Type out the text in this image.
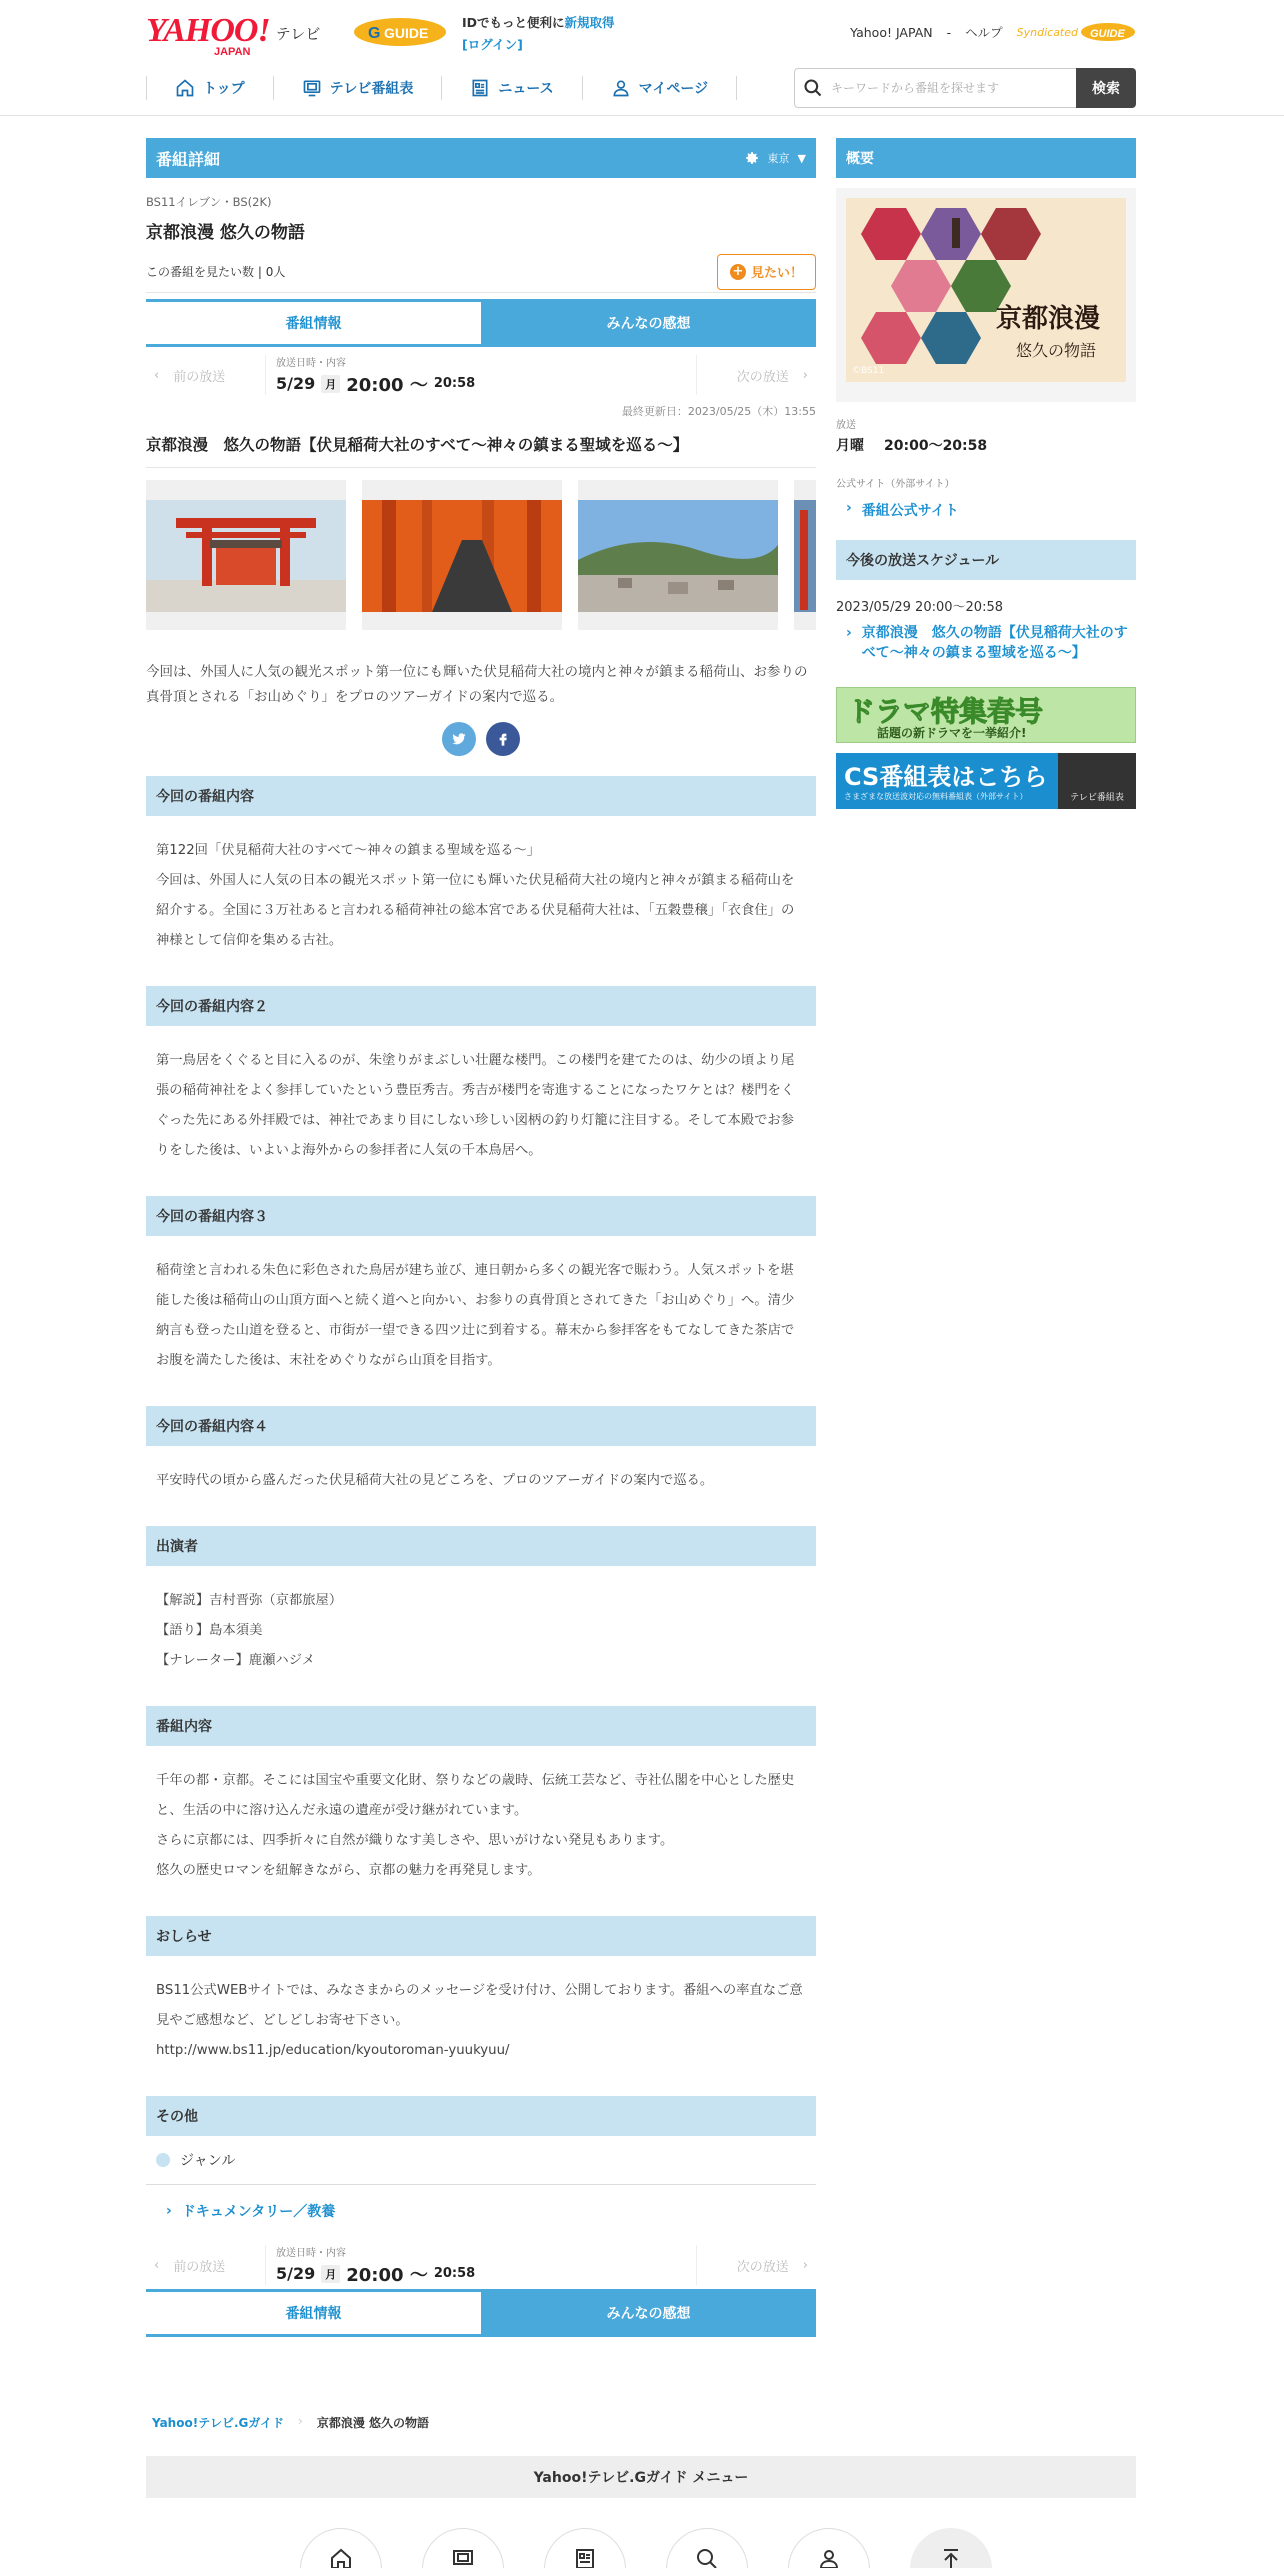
YAHOO!
JAPAN
テレビ	G GUIDE
IDでもっと便利に新規取得
[ログイン]
Yahoo! JAPAN - ヘルプ Syndicated GUIDE
トップ	テレビ番組表	ニュース	マイページ
キーワードから番組を探せます	検索
番組詳細	東京 ▼
BS11イレブン・BS(2K)
京都浪漫 悠久の物語
この番組を見たい数 | 0人	+ 見たい！
番組情報	みんなの感想
‹ 前の放送
放送日時・内容
5/29 月 20:00 〜 20:58	次の放送 ›
最終更新日：2023/05/25（木）13:55
京都浪漫　悠久の物語【伏見稲荷大社のすべて〜神々の鎮まる聖域を巡る〜】
今回は、外国人に人気の観光スポット第一位にも輝いた伏見稲荷大社の境内と神々が鎮まる稲荷山、お参りの真骨頂とされる「お山めぐり」をプロのツアーガイドの案内で巡る。
今回の番組内容

第122回「伏見稲荷大社のすべて〜神々の鎮まる聖域を巡る〜」

今回は、外国人に人気の日本の観光スポット第一位にも輝いた伏見稲荷大社の境内と神々が鎮まる稲荷山を紹介する。全国に３万社あると言われる稲荷神社の総本宮である伏見稲荷大社は、「五穀豊穣」「衣食住」の神様として信仰を集める古社。

今回の番組内容２

第一鳥居をくぐると目に入るのが、朱塗りがまぶしい壮麗な楼門。この楼門を建てたのは、幼少の頃より尾張の稲荷神社をよく参拝していたという豊臣秀吉。秀吉が楼門を寄進することになったワケとは？楼門をくぐった先にある外拝殿では、神社であまり目にしない珍しい図柄の釣り灯籠に注目する。そして本殿でお参りをした後は、いよいよ海外からの参拝者に人気の千本鳥居へ。

今回の番組内容３

稲荷塗と言われる朱色に彩色された鳥居が建ち並び、連日朝から多くの観光客で賑わう。人気スポットを堪能した後は稲荷山の山頂方面へと続く道へと向かい、お参りの真骨頂とされてきた「お山めぐり」へ。清少納言も登った山道を登ると、市街が一望できる四ツ辻に到着する。幕末から参拝客をもてなしてきた茶店でお腹を満たした後は、末社をめぐりながら山頂を目指す。

今回の番組内容４

平安時代の頃から盛んだった伏見稲荷大社の見どころを、プロのツアーガイドの案内で巡る。

出演者

【解説】吉村晋弥（京都旅屋）

【語り】島本須美

【ナレーター】鹿瀬ハジメ

番組内容

千年の都・京都。そこには国宝や重要文化財、祭りなどの歳時、伝統工芸など、寺社仏閣を中心とした歴史と、生活の中に溶け込んだ永遠の遺産が受け継がれています。

さらに京都には、四季折々に自然が織りなす美しさや、思いがけない発見もあります。

悠久の歴史ロマンを紐解きながら、京都の魅力を再発見します。

おしらせ

BS11公式WEBサイトでは、みなさまからのメッセージを受け付け、公開しております。番組への率直なご意見やご感想など、どしどしお寄せ下さい。

http://www.bs11.jp/education/kyoutoroman-yuukyuu/

その他
ジャンル
› ドキュメンタリー／教養
‹ 前の放送
放送日時・内容
5/29 月 20:00 〜 20:58	次の放送 ›
番組情報	みんなの感想
Yahoo!テレビ.Gガイド › 京都浪漫 悠久の物語
Yahoo!テレビ.Gガイド メニュー
概要
京都浪漫
悠久の物語
©BS11
放送
月曜 20:00～20:58
公式サイト（外部サイト）
› 番組公式サイト
今後の放送スケジュール
2023/05/29 20:00～20:58
› 京都浪漫　悠久の物語【伏見稲荷大社のすべて〜神々の鎮まる聖域を巡る〜】
ドラマ特集春号
話題の新ドラマを一挙紹介!
CS番組表はこちら
さまざまな放送波対応の無料番組表（外部サイト）	テレビ番組表
